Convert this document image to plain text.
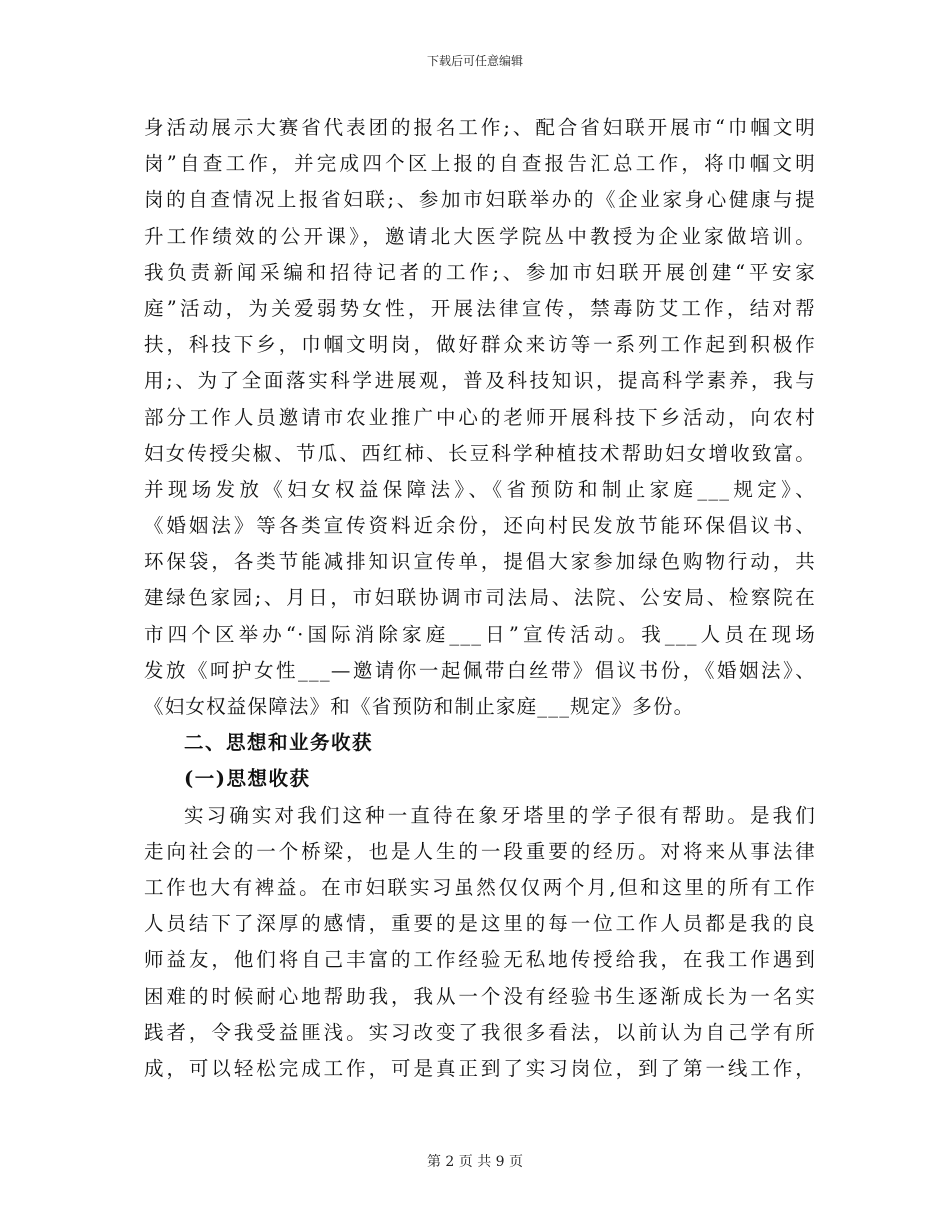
下载后可任意编辑
身活动展示大赛省代表团的报名工作;、配合省妇联开展市“巾帼文明
岗”自查工作，并完成四个区上报的自查报告汇总工作，将巾帼文明
岗的自查情况上报省妇联;、参加市妇联举办的《企业家身心健康与提
升工作绩效的公开课》，邀请北大医学院丛中教授为企业家做培训。
我负责新闻采编和招待记者的工作;、参加市妇联开展创建“平安家
庭”活动，为关爱弱势女性，开展法律宣传，禁毒防艾工作，结对帮
扶，科技下乡，巾帼文明岗，做好群众来访等一系列工作起到积极作
用;、为了全面落实科学进展观，普及科技知识，提高科学素养，我与
部分工作人员邀请市农业推广中心的老师开展科技下乡活动，向农村
妇女传授尖椒、节瓜、西红柿、长豆科学种植技术帮助妇女增收致富。
并现场发放《妇女权益保障法》、《省预防和制止家庭___规定》、
《婚姻法》等各类宣传资料近余份，还向村民发放节能环保倡议书、
环保袋，各类节能减排知识宣传单，提倡大家参加绿色购物行动，共
建绿色家园;、月日，市妇联协调市司法局、法院、公安局、检察院在
市四个区举办“·国际消除家庭___日”宣传活动。我___人员在现场
发放《呵护女性___—邀请你一起佩带白丝带》倡议书份，《婚姻法》、
《妇女权益保障法》和《省预防和制止家庭___规定》多份。
二、思想和业务收获
(一)思想收获
实习确实对我们这种一直待在象牙塔里的学子很有帮助。是我们
走向社会的一个桥梁，也是人生的一段重要的经历。对将来从事法律
工作也大有裨益。在市妇联实习虽然仅仅两个月,但和这里的所有工作
人员结下了深厚的感情，重要的是这里的每一位工作人员都是我的良
师益友，他们将自己丰富的工作经验无私地传授给我，在我工作遇到
困难的时候耐心地帮助我，我从一个没有经验书生逐渐成长为一名实
践者，令我受益匪浅。实习改变了我很多看法，以前认为自己学有所
成，可以轻松完成工作，可是真正到了实习岗位，到了第一线工作，
第 2 页 共 9 页
